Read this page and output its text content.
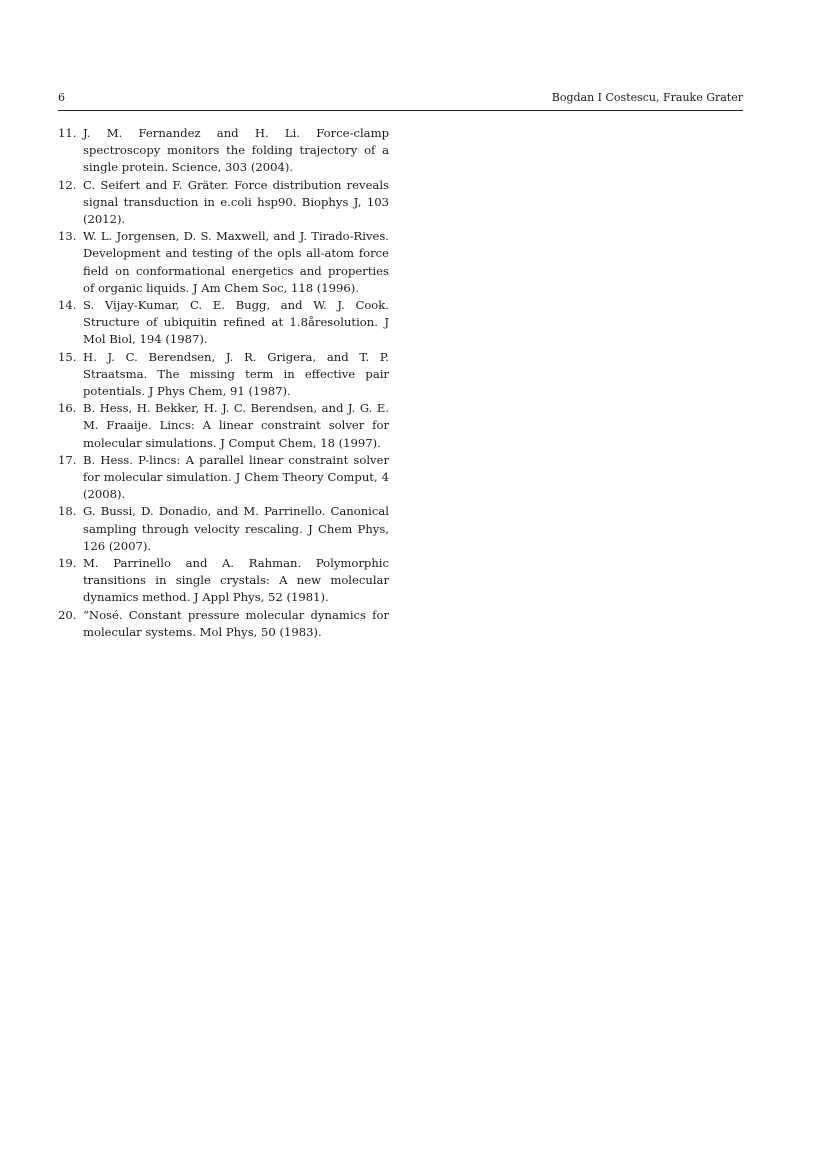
6	Bogdan I Costescu, Frauke Grater
11. J. M. Fernandez and H. Li. Force-clamp spectroscopy monitors the folding trajectory of a single protein. Science, 303 (2004).
12. C. Seifert and F. Gräter. Force distribution reveals signal transduction in e.coli hsp90. Biophys J, 103 (2012).
13. W. L. Jorgensen, D. S. Maxwell, and J. Tirado-Rives. Development and testing of the opls all-atom force field on conformational energetics and properties of organic liquids. J Am Chem Soc, 118 (1996).
14. S. Vijay-Kumar, C. E. Bugg, and W. J. Cook. Structure of ubiquitin refined at 1.8åresolution. J Mol Biol, 194 (1987).
15. H. J. C. Berendsen, J. R. Grigera, and T. P. Straatsma. The missing term in effective pair potentials. J Phys Chem, 91 (1987).
16. B. Hess, H. Bekker, H. J. C. Berendsen, and J. G. E. M. Fraaije. Lincs: A linear constraint solver for molecular simulations. J Comput Chem, 18 (1997).
17. B. Hess. P-lincs: A parallel linear constraint solver for molecular simulation. J Chem Theory Comput, 4 (2008).
18. G. Bussi, D. Donadio, and M. Parrinello. Canonical sampling through velocity rescaling. J Chem Phys, 126 (2007).
19. M. Parrinello and A. Rahman. Polymorphic transitions in single crystals: A new molecular dynamics method. J Appl Phys, 52 (1981).
20. “Nosé. Constant pressure molecular dynamics for molecular systems. Mol Phys, 50 (1983).
